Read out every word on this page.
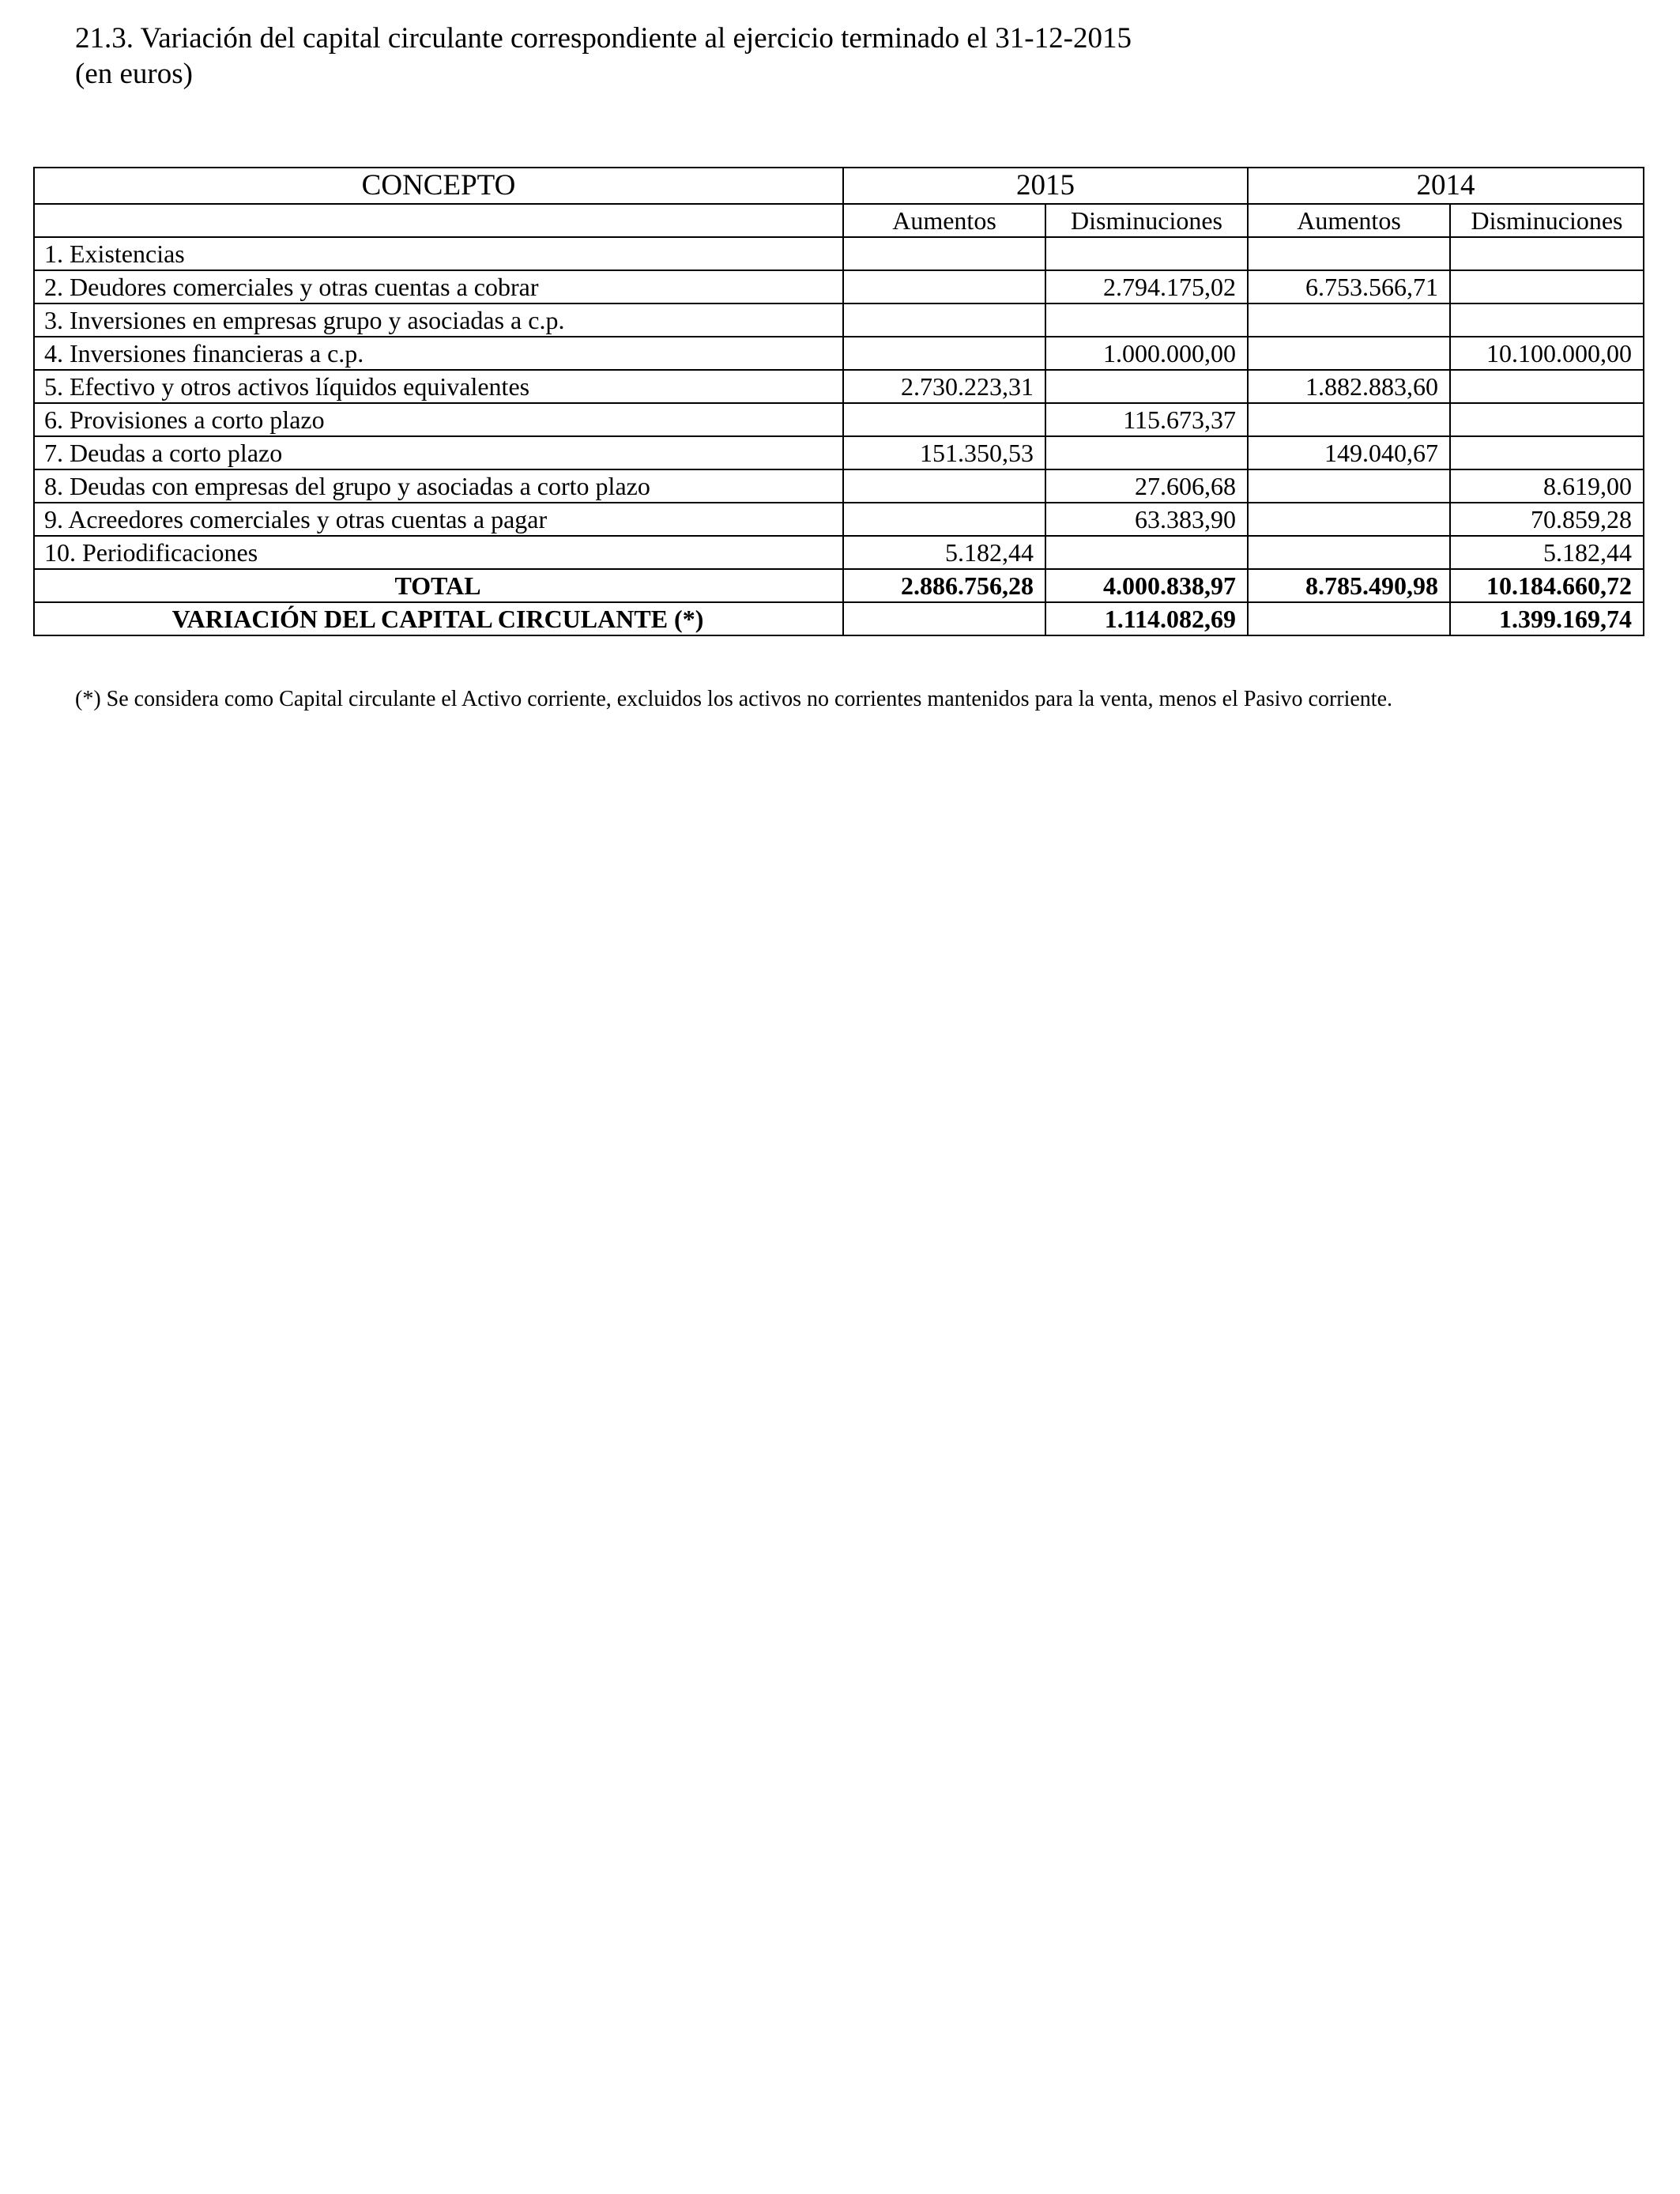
21.3. Variación del capital circulante correspondiente al ejercicio terminado el 31-12-2015
(en euros)
CONCEPTO	2015		2014	
	Aumentos	Disminuciones	Aumentos	Disminuciones
1. Existencias				
2. Deudores comerciales y otras cuentas a cobrar		2.794.175,02	6.753.566,71	
3. Inversiones en empresas grupo y asociadas a c.p.				
4. Inversiones financieras a c.p.		1.000.000,00		10.100.000,00
5. Efectivo y otros activos líquidos equivalentes	2.730.223,31		1.882.883,60	
6. Provisiones a corto plazo		115.673,37		
7. Deudas a corto plazo	151.350,53		149.040,67	
8. Deudas con empresas del grupo y asociadas a corto plazo		27.606,68		8.619,00
9. Acreedores comerciales y otras cuentas a pagar		63.383,90		70.859,28
10. Periodificaciones	5.182,44			5.182,44
TOTAL	2.886.756,28	4.000.838,97	8.785.490,98	10.184.660,72
VARIACIÓN DEL CAPITAL CIRCULANTE (*)		1.114.082,69		1.399.169,74
(*) Se considera como Capital circulante el Activo corriente, excluidos los activos no corrientes mantenidos para la venta, menos el Pasivo corriente.
